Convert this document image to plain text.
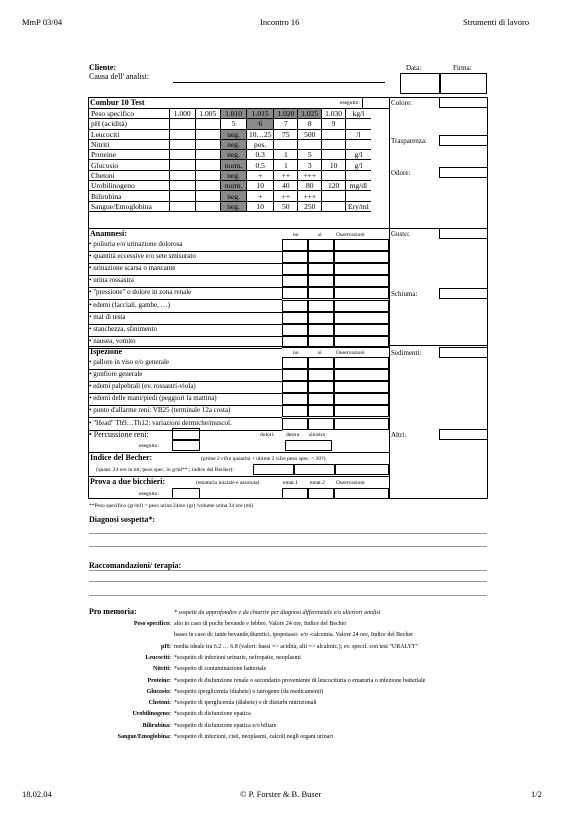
MmP 03/04	Incontro 16	Strumenti di lavoro
Cliente:
Causa dell' analisi:
Data:	Firma:
Combur 10 Test	eseguito:
Peso specifico	1.000	1.005	1.010	1.015	1.020	1.025	1.030	kg/l
pH (acidità)			5	6	7	8	9	
Leucociti			neg.	10…25	75	500		/l
Nitriti			neg.	pos.				
Proteine			neg.	0.3	1	5		g/l
Glucosio			norm.	0.5	1	3	10	g/l
Chetoni			neg.	+	++	+++		
Urobilinogeno			norm.	10	40	80	120	mg/dl
Bilirubina			neg.	+	++	+++		
Sangue/Emoglobina			neg.	10	50	250		Ery/ml
Colore:
Trasparenza:
Odore:
Gusto:
Schiuma:
Sedimenti:
Altri:
Anamnesi:	no	si	Osservazioni
• poliuria e/o urinazione dolorosa
• quantità eccessive e/o sete smisurato
• urinazione scarsa o mancante
• urina rossastra
• "pressione" o dolore in zona renale
• edemi (facciali, gambe, …)
• mal di testa
• stanchezza, sfinimento
• nausea, vomito
Ispezione	no	si	Osservazioni
• pallore in viso e/o generale
• gonfiore generale
• edemi palpebrali (ev. rossastri-viola)
• edemi delle mani/piedi (peggiori la mattina)
• punto d'allarme reni: VB25 (terminale 12a costa)
• "Head" Th9…Th12: variazioni dermiche/muscol.
• Percussione reni:	dolori: destra sinistra
eseguito:
Indice del Becher:	(prime 2 cifre quantità + ultime 2 cifre peso spec. < 30?)
(quant. 24 ore in ml; peso spec. in g/ml**.; indice del Becher):
Prova a due bicchieri:	(ematuria iniziale e assoluta)	emat.1 emat.2 Osservazioni
eseguito:
**Peso specifico (gr/ml) = peso urina 24ore (gr) /volume urina 24 ore (ml)
Diagnosi sospetta*:
Raccomandazioni/ terapia:
Pro memoria:	* sospetti da approfondire e da chiarire per diagnosi differenziale e/o ulteriori analisi
Peso specifico: alto in caso di poche bevande e febbre. Valore 24 ore, Indice del Becher
basso in caso di: tante bevande,diuretici, ipopotassi- e/o -calcemia. Valore 24 ore, Indice del Becher
pH: media ideale tra 6.2 … 6.8 (valori: bassi => acidità; alti => alcalinic.); ev. specif. con test "URALYT"
Leucociti: *sospetto di infezioni urinarie, nefropatie, neoplasmi
Nitriti: *sospetto di contaminazione batteriale
Proteine: *sospetto di disfunzione renale o secondario proveniente di leucocituria o ematuria o infezione batteriale
Glucosio: *sospetto iperglicemia (diabete) o iatrogeno (da medicamenti)
Chetoni: *sospetto di iperglicemia (diabete) o di disturbi nutrizionali
Urobilinogeno: *sospetto di disfunzione epatica
Bilirubina: *sospetto di disfunzione epatica e/o biliare
Sangue/Emoglobina: *sospetto di infezioni, cisti, neoplasmi, calcoli negli organi urinari
18.02.04	© P. Forster & B. Buser	1/2
